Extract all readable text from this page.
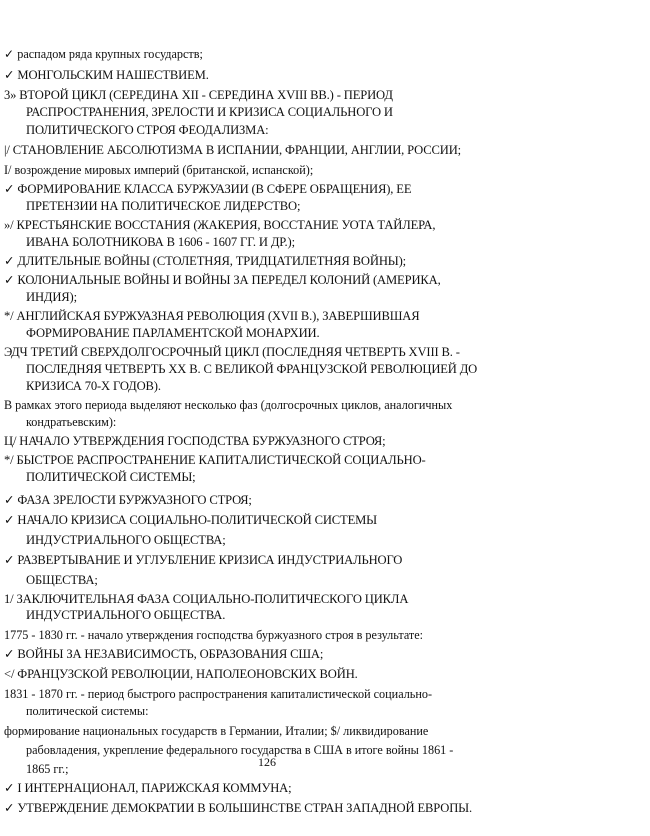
✓ распадом ряда крупных государств;
✓ МОНГОЛЬСКИМ НАШЕСТВИЕМ.
3» ВТОРОЙ ЦИКЛ (СЕРЕДИНА XII - СЕРЕДИНА XVIII ВВ.) - ПЕРИОД
РАСПРОСТРАНЕНИЯ, ЗРЕЛОСТИ И КРИЗИСА СОЦИАЛЬНОГО И
ПОЛИТИЧЕСКОГО СТРОЯ ФЕОДАЛИЗМА:
|/ СТАНОВЛЕНИЕ АБСОЛЮТИЗМА В ИСПАНИИ, ФРАНЦИИ, АНГЛИИ, РОССИИ;
I/ возрождение мировых империй (британской, испанской);
✓ ФОРМИРОВАНИЕ КЛАССА БУРЖУАЗИИ (В СФЕРЕ ОБРАЩЕНИЯ), ЕЕ
ПРЕТЕНЗИИ НА ПОЛИТИЧЕСКОЕ ЛИДЕРСТВО;
»/ КРЕСТЬЯНСКИЕ ВОССТАНИЯ (ЖАКЕРИЯ, ВОССТАНИЕ УОТА ТАЙЛЕРА,
ИВАНА БОЛОТНИКОВА В 1606 - 1607 ГГ. И ДР.);
✓ ДЛИТЕЛЬНЫЕ ВОЙНЫ (СТОЛЕТНЯЯ, ТРИДЦАТИЛЕТНЯЯ ВОЙНЫ);
✓ КОЛОНИАЛЬНЫЕ ВОЙНЫ И ВОЙНЫ ЗА ПЕРЕДЕЛ КОЛОНИЙ (АМЕРИКА,
ИНДИЯ);
*/ АНГЛИЙСКАЯ БУРЖУАЗНАЯ РЕВОЛЮЦИЯ (XVII В.), ЗАВЕРШИВШАЯ
ФОРМИРОВАНИЕ ПАРЛАМЕНТСКОЙ МОНАРХИИ.
ЭДЧ ТРЕТИЙ СВЕРХДОЛГОСРОЧНЫЙ ЦИКЛ (ПОСЛЕДНЯЯ ЧЕТВЕРТЬ XVIII В. -
ПОСЛЕДНЯЯ ЧЕТВЕРТЬ XX В. С ВЕЛИКОЙ ФРАНЦУЗСКОЙ РЕВОЛЮЦИЕЙ ДО
КРИЗИСА 70-Х ГОДОВ).
В рамках этого периода выделяют несколько фаз (долгосрочных циклов, аналогичных
кондратьевским):
Ц/ НАЧАЛО УТВЕРЖДЕНИЯ ГОСПОДСТВА БУРЖУАЗНОГО СТРОЯ;
*/ БЫСТРОЕ РАСПРОСТРАНЕНИЕ КАПИТАЛИСТИЧЕСКОЙ СОЦИАЛЬНО-
ПОЛИТИЧЕСКОЙ СИСТЕМЫ;
✓ ФАЗА ЗРЕЛОСТИ БУРЖУАЗНОГО СТРОЯ;
✓ НАЧАЛО КРИЗИСА СОЦИАЛЬНО-ПОЛИТИЧЕСКОЙ СИСТЕМЫ
ИНДУСТРИАЛЬНОГО ОБЩЕСТВА;
✓ РАЗВЕРТЫВАНИЕ И УГЛУБЛЕНИЕ КРИЗИСА ИНДУСТРИАЛЬНОГО
ОБЩЕСТВА;
1/ ЗАКЛЮЧИТЕЛЬНАЯ ФАЗА СОЦИАЛЬНО-ПОЛИТИЧЕСКОГО ЦИКЛА
ИНДУСТРИАЛЬНОГО ОБЩЕСТВА.
1775 - 1830 гг. - начало утверждения господства буржуазного строя в результате:
✓ ВОЙНЫ ЗА НЕЗАВИСИМОСТЬ, ОБРАЗОВАНИЯ США;
</ ФРАНЦУЗСКОЙ РЕВОЛЮЦИИ, НАПОЛЕОНОВСКИХ ВОЙН.
1831 - 1870 гг. - период быстрого распространения капиталистической социально-
политической системы:
формирование национальных государств в Германии, Италии; $/ ликвидирование
рабовладения, укрепление федерального государства в США в итоге войны 1861 -
1865 гг.;
✓ I ИНТЕРНАЦИОНАЛ, ПАРИЖСКАЯ КОММУНА;
✓ УТВЕРЖДЕНИЕ ДЕМОКРАТИИ В БОЛЬШИНСТВЕ СТРАН ЗАПАДНОЙ ЕВРОПЫ.
126
